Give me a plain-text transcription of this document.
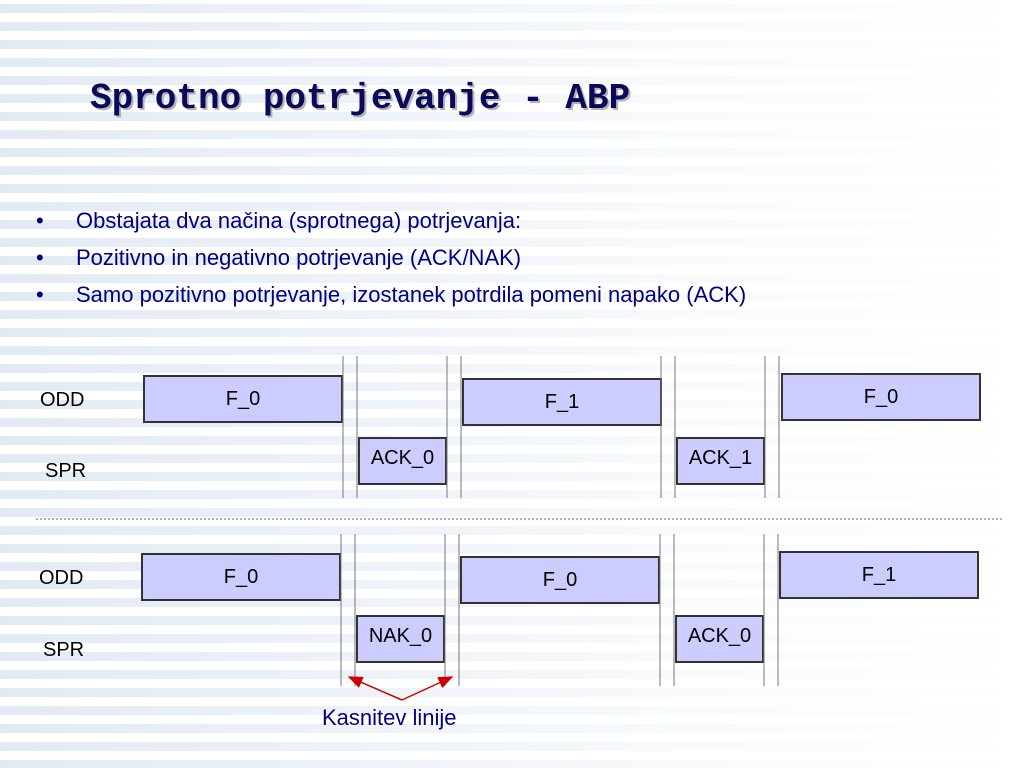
Sprotno potrjevanje - ABP
• Obstajata dva načina (sprotnega) potrjevanja:
• Pozitivno in negativno potrjevanje (ACK/NAK)
• Samo pozitivno potrjevanje, izostanek potrdila pomeni napako (ACK)
ODD
SPR
F_0	F_1	F_0
ACK_0	ACK_1
ODD
SPR
F_0	F_0	F_1
NAK_0	ACK_0
Kasnitev linije
